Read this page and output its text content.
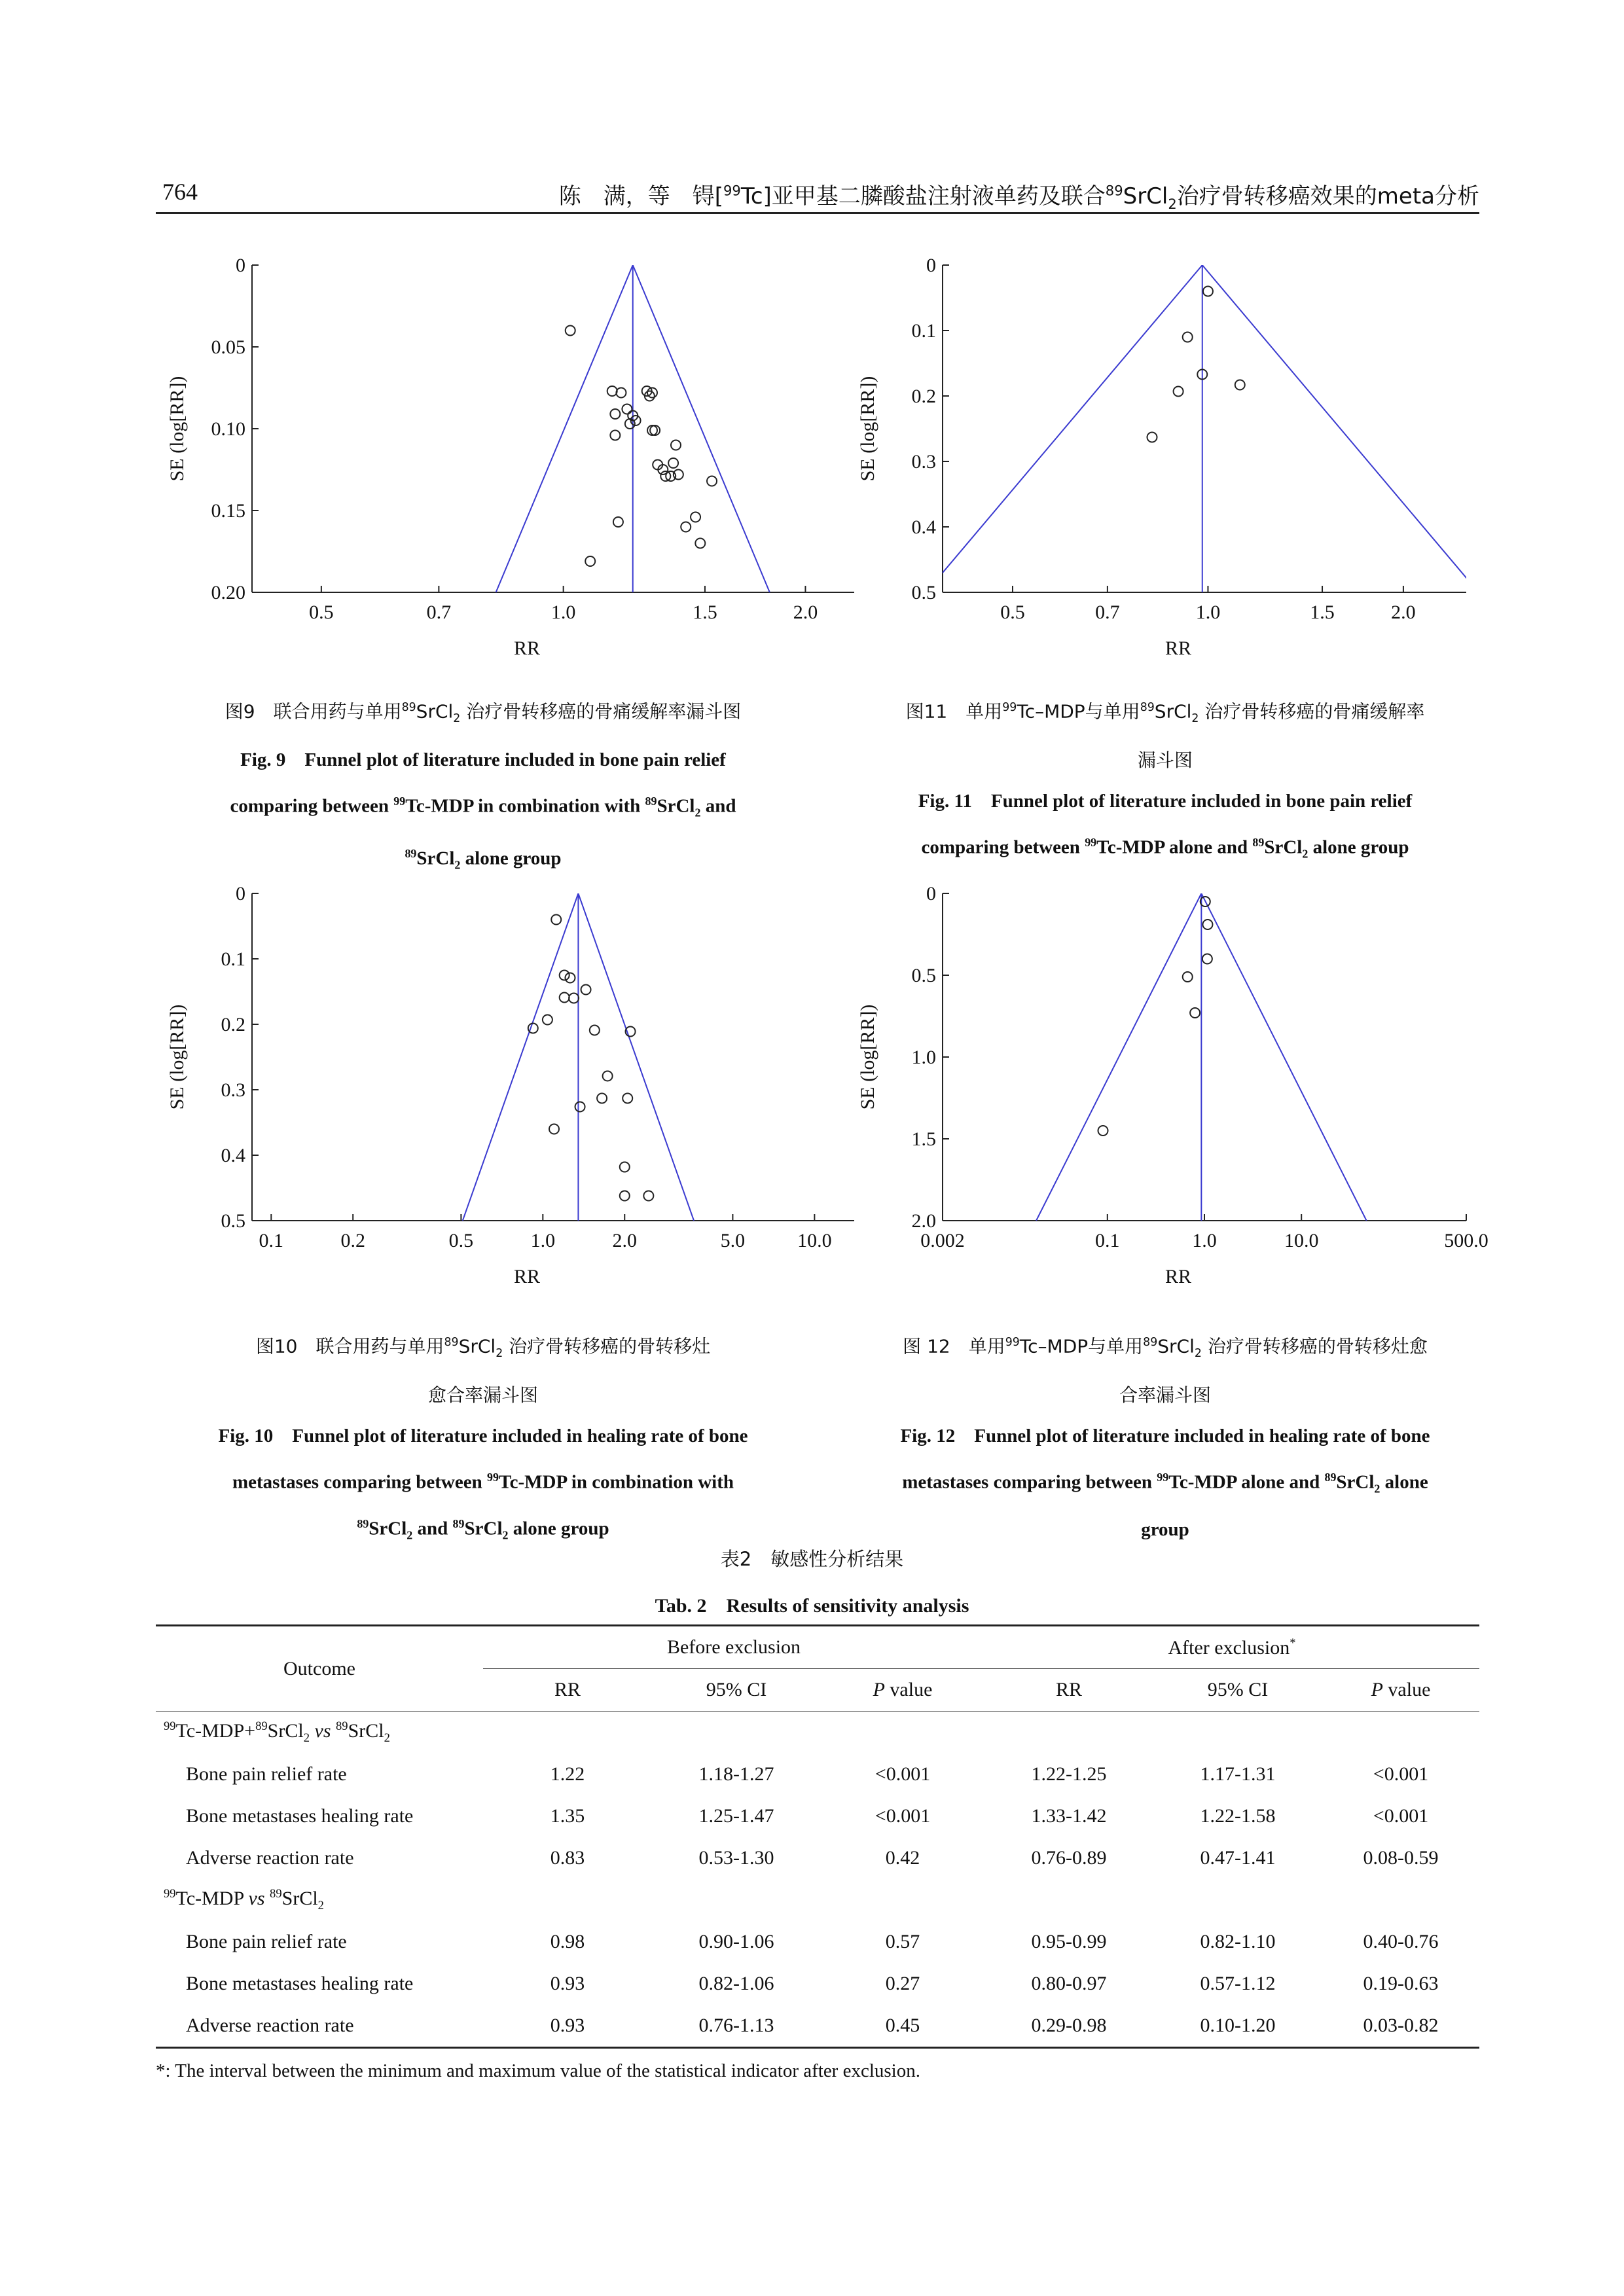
764	陈　满，等　 锝[$^{99}$Tc]亚甲基二膦酸盐注射液单药及联合$^{89}$SrCl$_2$治疗骨转移癌效果的meta分析
0
0.05
0.10
0.15
0.20
0.5	0.7	1.0	1.5	2.0
RR
SE (log[RR])
图9　联合用药与单用$^{89}$SrCl$_2$ 治疗骨转移癌的骨痛缓解率漏斗图
Fig. 9　Funnel plot of literature included in bone pain relief
comparing between $^{99}$Tc-MDP in combination with $^{89}$SrCl$_2$ and
$^{89}$SrCl$_2$ alone group
0
0.1
0.2
0.3
0.4
0.5
0.5	0.7	1.0	1.5	2.0
RR
SE (log[RR])
图11　单用$^{99}$Tc–MDP与单用$^{89}$SrCl$_2$ 治疗骨转移癌的骨痛缓解率
漏斗图
Fig. 11　Funnel plot of literature included in bone pain relief
comparing between $^{99}$Tc-MDP alone and $^{89}$SrCl$_2$ alone group
0
0.1
0.2
0.3
0.4
0.5
0.1	0.2	0.5	1.0	2.0	5.0	10.0
RR
SE (log[RR])
图10　联合用药与单用$^{89}$SrCl$_2$ 治疗骨转移癌的骨转移灶
愈合率漏斗图
Fig. 10　Funnel plot of literature included in healing rate of bone
metastases comparing between $^{99}$Tc-MDP in combination with
$^{89}$SrCl$_2$ and $^{89}$SrCl$_2$ alone group
0
0.5
1.0
1.5
2.0
0.002	0.1	1.0	10.0	500.0
RR
SE (log[RR])
图 12　单用$^{99}$Tc–MDP与单用$^{89}$SrCl$_2$ 治疗骨转移癌的骨转移灶愈
合率漏斗图
Fig. 12　Funnel plot of literature included in healing rate of bone
metastases comparing between $^{99}$Tc-MDP alone and $^{89}$SrCl$_2$ alone
group
表2　敏感性分析结果
Tab. 2　Results of sensitivity analysis
Outcome	Before exclusion			After exclusion*
	RR	95% CI	P value	RR	95% CI	P value
$^{99}$Tc-MDP+$^{89}$SrCl$_2$ vs $^{89}$SrCl$_2$
Bone pain relief rate	1.22	1.18-1.27	<0.001	1.22-1.25	1.17-1.31	<0.001
Bone metastases healing rate	1.35	1.25-1.47	<0.001	1.33-1.42	1.22-1.58	<0.001
Adverse reaction rate	0.83	0.53-1.30	0.42	0.76-0.89	0.47-1.41	0.08-0.59
$^{99}$Tc-MDP vs $^{89}$SrCl$_2$
Bone pain relief rate	0.98	0.90-1.06	0.57	0.95-0.99	0.82-1.10	0.40-0.76
Bone metastases healing rate	0.93	0.82-1.06	0.27	0.80-0.97	0.57-1.12	0.19-0.63
Adverse reaction rate	0.93	0.76-1.13	0.45	0.29-0.98	0.10-1.20	0.03-0.82
*: The interval between the minimum and maximum value of the statistical indicator after exclusion.
